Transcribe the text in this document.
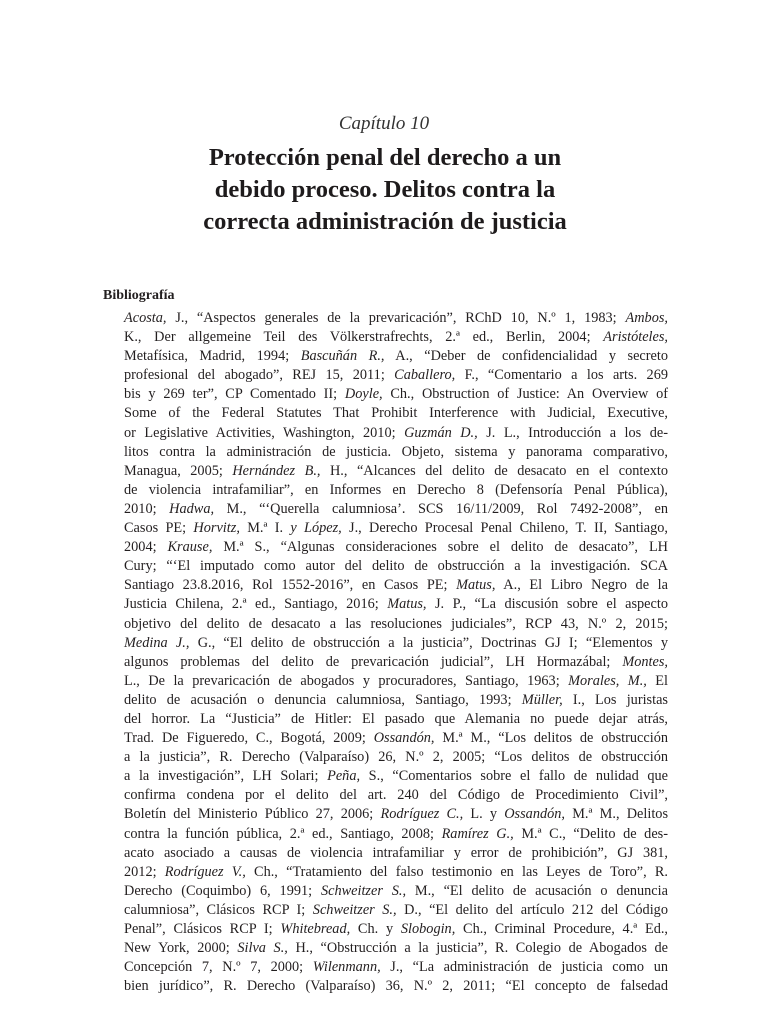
Capítulo 10
Protección penal del derecho a un
debido proceso. Delitos contra la
correcta administración de justicia
Bibliografía
Acosta, J., “Aspectos generales de la prevaricación”, RChD 10, N.º 1, 1983; Ambos,
K., Der allgemeine Teil des Völkerstrafrechts, 2.ª ed., Berlin, 2004; Aristóteles,
Metafísica, Madrid, 1994; Bascuñán R., A., “Deber de confidencialidad y secreto
profesional del abogado”, REJ 15, 2011; Caballero, F., “Comentario a los arts. 269
bis y 269 ter”, CP Comentado II; Doyle, Ch., Obstruction of Justice: An Overview of
Some of the Federal Statutes That Prohibit Interference with Judicial, Executive,
or Legislative Activities, Washington, 2010; Guzmán D., J. L., Introducción a los de-
litos contra la administración de justicia. Objeto, sistema y panorama comparativo,
Managua, 2005; Hernández B., H., “Alcances del delito de desacato en el contexto
de violencia intrafamiliar”, en Informes en Derecho 8 (Defensoría Penal Pública),
2010; Hadwa, M., “‘Querella calumniosa’. SCS 16/11/2009, Rol 7492-2008”, en
Casos PE; Horvitz, M.ª I. y López, J., Derecho Procesal Penal Chileno, T. II, Santiago,
2004; Krause, M.ª S., “Algunas consideraciones sobre el delito de desacato”, LH
Cury; “‘El imputado como autor del delito de obstrucción a la investigación. SCA
Santiago 23.8.2016, Rol 1552-2016”, en Casos PE; Matus, A., El Libro Negro de la
Justicia Chilena, 2.ª ed., Santiago, 2016; Matus, J. P., “La discusión sobre el aspecto
objetivo del delito de desacato a las resoluciones judiciales”, RCP 43, N.º 2, 2015;
Medina J., G., “El delito de obstrucción a la justicia”, Doctrinas GJ I; “Elementos y
algunos problemas del delito de prevaricación judicial”, LH Hormazábal; Montes,
L., De la prevaricación de abogados y procuradores, Santiago, 1963; Morales, M., El
delito de acusación o denuncia calumniosa, Santiago, 1993; Müller, I., Los juristas
del horror. La “Justicia” de Hitler: El pasado que Alemania no puede dejar atrás,
Trad. De Figueredo, C., Bogotá, 2009; Ossandón, M.ª M., “Los delitos de obstrucción
a la justicia”, R. Derecho (Valparaíso) 26, N.º 2, 2005; “Los delitos de obstrucción
a la investigación”, LH Solari; Peña, S., “Comentarios sobre el fallo de nulidad que
confirma condena por el delito del art. 240 del Código de Procedimiento Civil”,
Boletín del Ministerio Público 27, 2006; Rodríguez C., L. y Ossandón, M.ª M., Delitos
contra la función pública, 2.ª ed., Santiago, 2008; Ramírez G., M.ª C., “Delito de des-
acato asociado a causas de violencia intrafamiliar y error de prohibición”, GJ 381,
2012; Rodríguez V., Ch., “Tratamiento del falso testimonio en las Leyes de Toro”, R.
Derecho (Coquimbo) 6, 1991; Schweitzer S., M., “El delito de acusación o denuncia
calumniosa”, Clásicos RCP I; Schweitzer S., D., “El delito del artículo 212 del Código
Penal”, Clásicos RCP I; Whitebread, Ch. y Slobogin, Ch., Criminal Procedure, 4.ª Ed.,
New York, 2000; Silva S., H., “Obstrucción a la justicia”, R. Colegio de Abogados de
Concepción 7, N.º 7, 2000; Wilenmann, J., “La administración de justicia como un
bien jurídico”, R. Derecho (Valparaíso) 36, N.º 2, 2011; “El concepto de falsedad
